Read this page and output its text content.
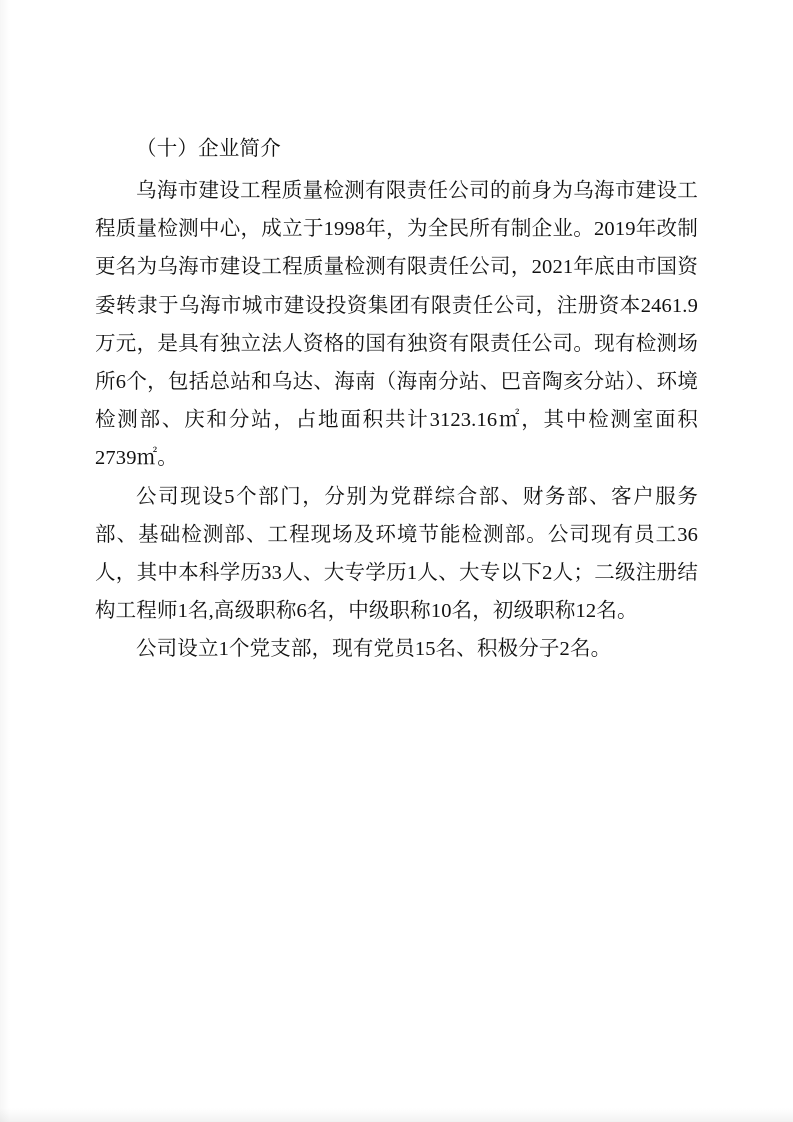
（十）企业简介

乌海市建设工程质量检测有限责任公司的前身为乌海市建设工程质量检测中心，成立于1998年，为全民所有制企业。2019年改制更名为乌海市建设工程质量检测有限责任公司，2021年底由市国资委转隶于乌海市城市建设投资集团有限责任公司，注册资本2461.9万元，是具有独立法人资格的国有独资有限责任公司。现有检测场所6个，包括总站和乌达、海南（海南分站、巴音陶亥分站）、环境检测部、庆和分站，占地面积共计3123.16㎡，其中检测室面积2739㎡。

公司现设5个部门，分别为党群综合部、财务部、客户服务部、基础检测部、工程现场及环境节能检测部。公司现有员工36人，其中本科学历33人、大专学历1人、大专以下2人；二级注册结构工程师1名,高级职称6名，中级职称10名，初级职称12名。

公司设立1个党支部，现有党员15名、积极分子2名。
